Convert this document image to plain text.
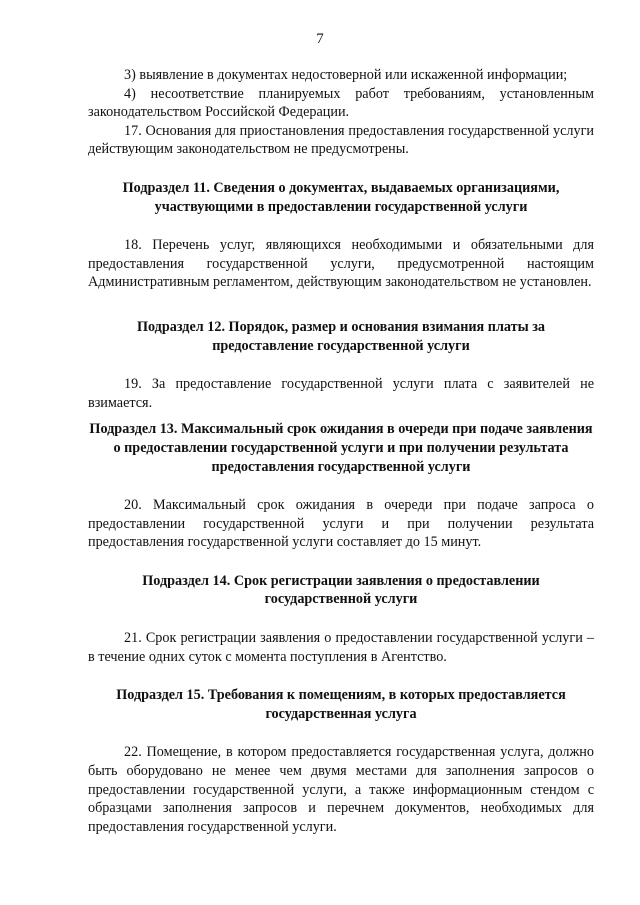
7

3) выявление в документах недостоверной или искаженной информации;

4) несоответствие планируемых работ требованиям, установленным законодательством Российской Федерации.

17. Основания для приостановления предоставления государственной услуги действующим законодательством не предусмотрены.

Подраздел 11. Сведения о документах, выдаваемых организациями, участвующими в предоставлении государственной услуги

18. Перечень услуг, являющихся необходимыми и обязательными для предоставления государственной услуги, предусмотренной настоящим Административным регламентом, действующим законодательством не установлен.

Подраздел 12. Порядок, размер и основания взимания платы за предоставление государственной услуги

19. За предоставление государственной услуги плата с заявителей не взимается.

Подраздел 13. Максимальный срок ожидания в очереди при подаче заявления о предоставлении государственной услуги и при получении результата предоставления государственной услуги

20. Максимальный срок ожидания в очереди при подаче запроса о предоставлении государственной услуги и при получении результата предоставления государственной услуги составляет до 15 минут.

Подраздел 14. Срок регистрации заявления о предоставлении государственной услуги

21. Срок регистрации заявления о предоставлении государственной услуги – в течение одних суток с момента поступления в Агентство.

Подраздел 15. Требования к помещениям, в которых предоставляется государственная услуга

22. Помещение, в котором предоставляется государственная услуга, должно быть оборудовано не менее чем двумя местами для заполнения запросов о предоставлении государственной услуги, а также информационным стендом с образцами заполнения запросов и перечнем документов, необходимых для предоставления государственной услуги.
